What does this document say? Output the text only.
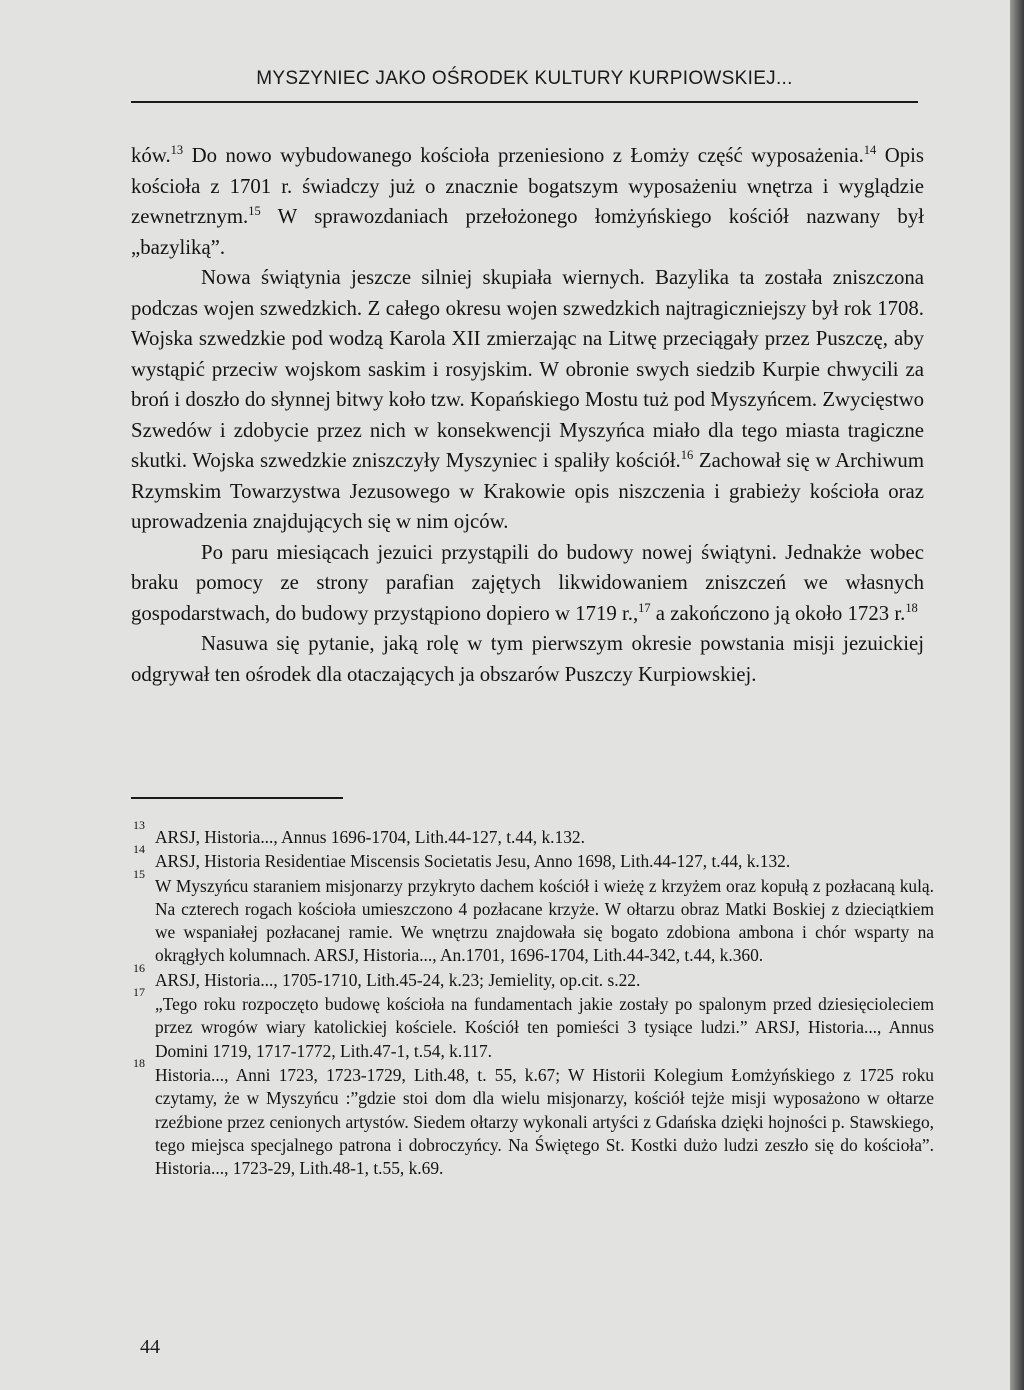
MYSZYNIEC JAKO OŚRODEK KULTURY KURPIOWSKIEJ...

ków.$^{13}$ Do nowo wybudowanego kościoła przeniesiono z Łomży część wyposażenia.$^{14}$ Opis kościoła z 1701 r. świadczy już o znacznie bogatszym wyposażeniu wnętrza i wyglądzie zewnetrznym.$^{15}$ W sprawozdaniach przełożonego łomżyńskiego kościół nazwany był „bazyliką”.

Nowa świątynia jeszcze silniej skupiała wiernych. Bazylika ta została zniszczona podczas wojen szwedzkich. Z całego okresu wojen szwedzkich najtragiczniejszy był rok 1708. Wojska szwedzkie pod wodzą Karola XII zmierzając na Litwę przeciągały przez Puszczę, aby wystąpić przeciw wojskom saskim i rosyjskim. W obronie swych siedzib Kurpie chwycili za broń i doszło do słynnej bitwy koło tzw. Kopańskiego Mostu tuż pod Myszyńcem. Zwycięstwo Szwedów i zdobycie przez nich w konsekwencji Myszyńca miało dla tego miasta tragiczne skutki. Wojska szwedzkie zniszczyły Myszyniec i spaliły kościół.$^{16}$ Zachował się w Archiwum Rzymskim Towarzystwa Jezusowego w Krakowie opis niszczenia i grabieży kościoła oraz uprowadzenia znajdujących się w nim ojców.

Po paru miesiącach jezuici przystąpili do budowy nowej świątyni. Jednakże wobec braku pomocy ze strony parafian zajętych likwidowaniem zniszczeń we własnych gospodarstwach, do budowy przystąpiono dopiero w 1719 r.,$^{17}$ a zakończono ją około 1723 r.$^{18}$

Nasuwa się pytanie, jaką rolę w tym pierwszym okresie powstania misji jezuickiej odgrywał ten ośrodek dla otaczających ja obszarów Puszczy Kurpiowskiej.

13
ARSJ, Historia..., Annus 1696-1704, Lith.44-127, t.44, k.132.
14
ARSJ, Historia Residentiae Miscensis Societatis Jesu, Anno 1698, Lith.44-127, t.44, k.132.
15
W Myszyńcu staraniem misjonarzy przykryto dachem kościół i wieżę z krzyżem oraz kopułą z pozłacaną kulą. Na czterech rogach kościoła umieszczono 4 pozłacane krzyże. W ołtarzu obraz Matki Boskiej z dzieciątkiem we wspaniałej pozłacanej ramie. We wnętrzu znajdowała się bogato zdobiona ambona i chór wsparty na okrągłych kolumnach. ARSJ, Historia..., An.1701, 1696-1704, Lith.44-342, t.44, k.360.
16
ARSJ, Historia..., 1705-1710, Lith.45-24, k.23; Jemielity, op.cit. s.22.
17
„Tego roku rozpoczęto budowę kościoła na fundamentach jakie zostały po spalonym przed dziesięcioleciem przez wrogów wiary katolickiej kościele. Kościół ten pomieści 3 tysiące ludzi.” ARSJ, Historia..., Annus Domini 1719, 1717-1772, Lith.47-1, t.54, k.117.
18
Historia..., Anni 1723, 1723-1729, Lith.48, t. 55, k.67; W Historii Kolegium Łomżyńskiego z 1725 roku czytamy, że w Myszyńcu :”gdzie stoi dom dla wielu misjonarzy, kościół tejże misji wyposażono w ołtarze rzeźbione przez cenionych artystów. Siedem ołtarzy wykonali artyści z Gdańska dzięki hojności p. Stawskiego, tego miejsca specjalnego patrona i dobroczyńcy. Na Świętego St. Kostki dużo ludzi zeszło się do kościoła”. Historia..., 1723-29, Lith.48-1, t.55, k.69.
44
